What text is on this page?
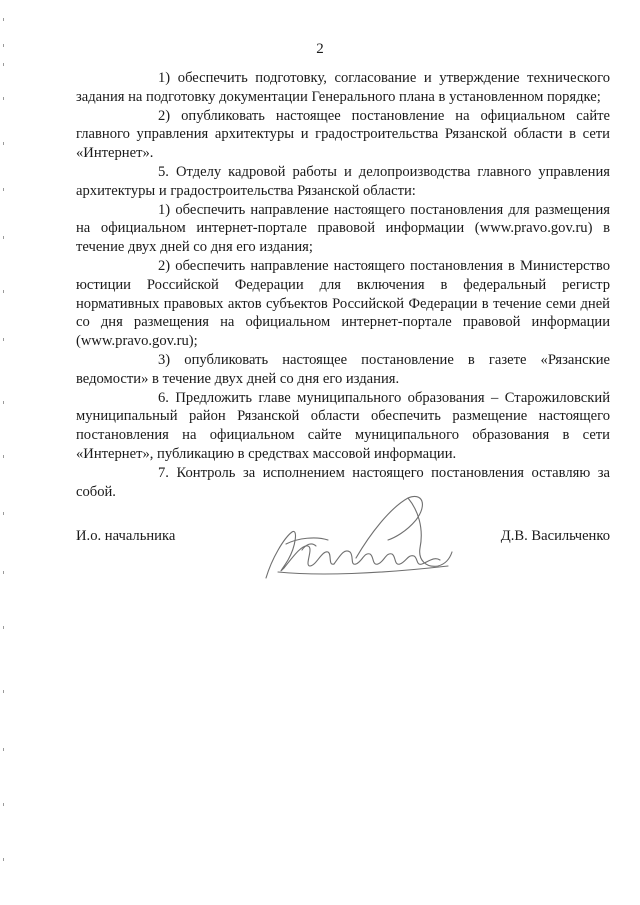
2

1) обеспечить подготовку, согласование и утверждение технического задания на подготовку документации Генерального плана в установленном порядке;

2) опубликовать настоящее постановление на официальном сайте главного управления архитектуры и градостроительства Рязанской области в сети «Интернет».

5. Отделу кадровой работы и делопроизводства главного управления архитектуры и градостроительства Рязанской области:

1) обеспечить направление настоящего постановления для размещения на официальном интернет-портале правовой информации (www.pravo.gov.ru) в течение двух дней со дня его издания;

2) обеспечить направление настоящего постановления в Министерство юстиции Российской Федерации для включения в федеральный регистр нормативных правовых актов субъектов Российской Федерации в течение семи дней со дня размещения на официальном интернет-портале правовой информации (www.pravo.gov.ru);

3) опубликовать настоящее постановление в газете «Рязанские ведомости» в течение двух дней со дня его издания.

6. Предложить главе муниципального образования – Старожиловский муниципальный район Рязанской области обеспечить размещение настоящего постановления на официальном сайте муниципального образования в сети «Интернет», публикацию в средствах массовой информации.

7. Контроль за исполнением настоящего постановления оставляю за собой.

И.о. начальника	Д.В. Васильченко
